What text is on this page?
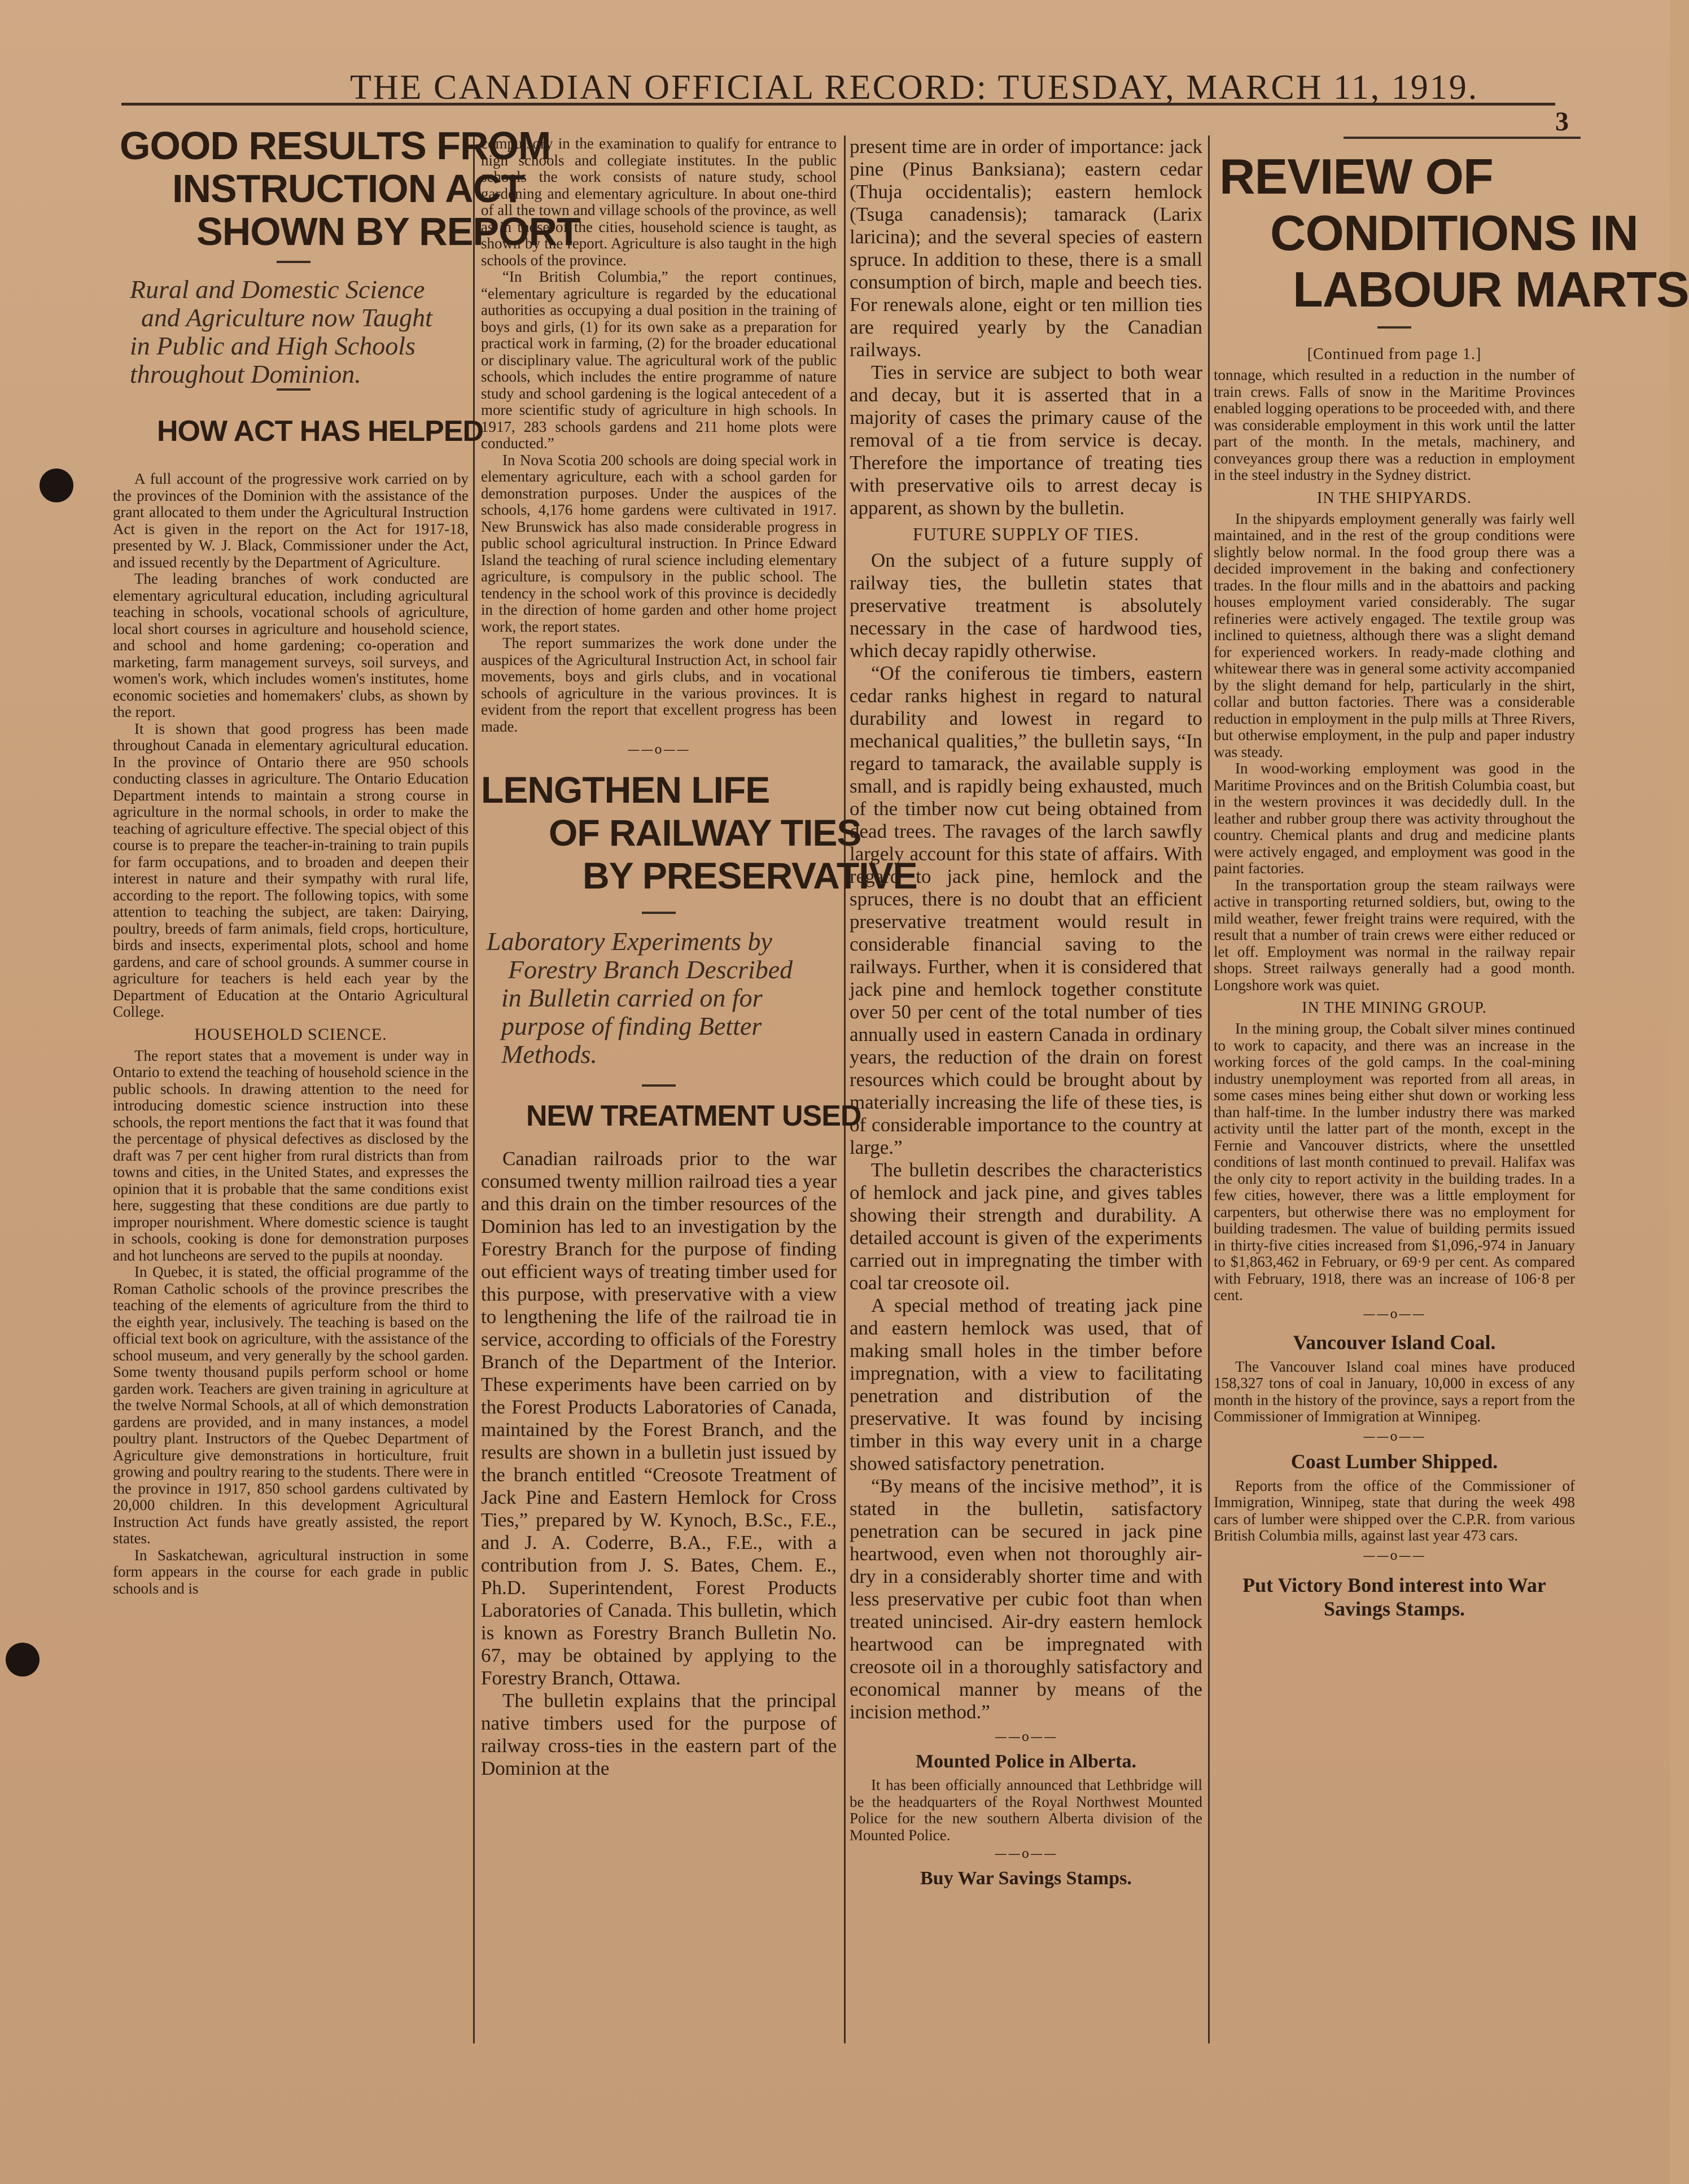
THE CANADIAN OFFICIAL RECORD: TUESDAY, MARCH 11, 1919.
3
GOOD RESULTS FROM
INSTRUCTION ACT
SHOWN BY REPORT
Rural and Domestic Science
and Agriculture now Taught
in Public and High Schools
throughout Dominion.
HOW ACT HAS HELPED

A full account of the progressive work carried on by the provinces of the Dominion with the assistance of the grant allocated to them under the Agricultural Instruction Act is given in the report on the Act for 1917-18, presented by W. J. Black, Commissioner under the Act, and issued recently by the Department of Agriculture.

The leading branches of work conducted are elementary agricultural education, including agricultural teaching in schools, vocational schools of agriculture, local short courses in agriculture and household science, and school and home gardening; co-operation and marketing, farm management surveys, soil surveys, and women's work, which includes women's institutes, home economic societies and homemakers' clubs, as shown by the report.

It is shown that good progress has been made throughout Canada in elementary agricultural education. In the province of Ontario there are 950 schools conducting classes in agriculture. The Ontario Education Department intends to maintain a strong course in agriculture in the normal schools, in order to make the teaching of agriculture effective. The special object of this course is to prepare the teacher-in-training to train pupils for farm occupations, and to broaden and deepen their interest in nature and their sympathy with rural life, according to the report. The following topics, with some attention to teaching the subject, are taken: Dairying, poultry, breeds of farm animals, field crops, horticulture, birds and insects, experimental plots, school and home gardens, and care of school grounds. A summer course in agriculture for teachers is held each year by the Department of Education at the Ontario Agricultural College.

HOUSEHOLD SCIENCE.

The report states that a movement is under way in Ontario to extend the teaching of household science in the public schools. In drawing attention to the need for introducing domestic science instruction into these schools, the report mentions the fact that it was found that the percentage of physical defectives as disclosed by the draft was 7 per cent higher from rural districts than from towns and cities, in the United States, and expresses the opinion that it is probable that the same conditions exist here, suggesting that these conditions are due partly to improper nourishment. Where domestic science is taught in schools, cooking is done for demonstration purposes and hot luncheons are served to the pupils at noonday.

In Quebec, it is stated, the official programme of the Roman Catholic schools of the province prescribes the teaching of the elements of agriculture from the third to the eighth year, inclusively. The teaching is based on the official text book on agriculture, with the assistance of the school museum, and very generally by the school garden. Some twenty thousand pupils perform school or home garden work. Teachers are given training in agriculture at the twelve Normal Schools, at all of which demonstration gardens are provided, and in many instances, a model poultry plant. Instructors of the Quebec Department of Agriculture give demonstrations in horticulture, fruit growing and poultry rearing to the students. There were in the province in 1917, 850 school gardens cultivated by 20,000 children. In this development Agricultural Instruction Act funds have greatly assisted, the report states.

In Saskatchewan, agricultural instruction in some form appears in the course for each grade in public schools and is

compulsory in the examination to qualify for entrance to high schools and collegiate institutes. In the public schools the work consists of nature study, school gardening and elementary agriculture. In about one-third of all the town and village schools of the province, as well as in those of the cities, household science is taught, as shown by the report. Agriculture is also taught in the high schools of the province.

“In British Columbia,” the report continues, “elementary agriculture is regarded by the educational authorities as occupying a dual position in the training of boys and girls, (1) for its own sake as a preparation for practical work in farming, (2) for the broader educational or disciplinary value. The agricultural work of the public schools, which includes the entire programme of nature study and school gardening is the logical antecedent of a more scientific study of agriculture in high schools. In 1917, 283 schools gardens and 211 home plots were conducted.”

In Nova Scotia 200 schools are doing special work in elementary agriculture, each with a school garden for demonstration purposes. Under the auspices of the schools, 4,176 home gardens were cultivated in 1917. New Brunswick has also made considerable progress in public school agricultural instruction. In Prince Edward Island the teaching of rural science including elementary agriculture, is compulsory in the public school. The tendency in the school work of this province is decidedly in the direction of home garden and other home project work, the report states.

The report summarizes the work done under the auspices of the Agricultural Instruction Act, in school fair movements, boys and girls clubs, and in vocational schools of agriculture in the various provinces. It is evident from the report that excellent progress has been made.

——o——
LENGTHEN LIFE
OF RAILWAY TIES
BY PRESERVATIVE
Laboratory Experiments by
Forestry Branch Described
in Bulletin carried on for
purpose of finding Better
Methods.
NEW TREATMENT USED

Canadian railroads prior to the war consumed twenty million railroad ties a year and this drain on the timber resources of the Dominion has led to an investigation by the Forestry Branch for the purpose of finding out efficient ways of treating timber used for this purpose, with preservative with a view to lengthening the life of the railroad tie in service, according to officials of the Forestry Branch of the Department of the Interior. These experiments have been carried on by the Forest Products Laboratories of Canada, maintained by the Forest Branch, and the results are shown in a bulletin just issued by the branch entitled “Creosote Treatment of Jack Pine and Eastern Hemlock for Cross Ties,” prepared by W. Kynoch, B.Sc., F.E., and J. A. Coderre, B.A., F.E., with a contribution from J. S. Bates, Chem. E., Ph.D. Superintendent, Forest Products Laboratories of Canada. This bulletin, which is known as Forestry Branch Bulletin No. 67, may be obtained by applying to the Forestry Branch, Ottawa.

The bulletin explains that the principal native timbers used for the purpose of railway cross-ties in the eastern part of the Dominion at the

present time are in order of importance: jack pine (Pinus Banksiana); eastern cedar (Thuja occidentalis); eastern hemlock (Tsuga canadensis); tamarack (Larix laricina); and the several species of eastern spruce. In addition to these, there is a small consumption of birch, maple and beech ties. For renewals alone, eight or ten million ties are required yearly by the Canadian railways.

Ties in service are subject to both wear and decay, but it is asserted that in a majority of cases the primary cause of the removal of a tie from service is decay. Therefore the importance of treating ties with preservative oils to arrest decay is apparent, as shown by the bulletin.

FUTURE SUPPLY OF TIES.

On the subject of a future supply of railway ties, the bulletin states that preservative treatment is absolutely necessary in the case of hardwood ties, which decay rapidly otherwise.

“Of the coniferous tie timbers, eastern cedar ranks highest in regard to natural durability and lowest in regard to mechanical qualities,” the bulletin says, “In regard to tamarack, the available supply is small, and is rapidly being exhausted, much of the timber now cut being obtained from dead trees. The ravages of the larch sawfly largely account for this state of affairs. With regard to jack pine, hemlock and the spruces, there is no doubt that an efficient preservative treatment would result in considerable financial saving to the railways. Further, when it is considered that jack pine and hemlock together constitute over 50 per cent of the total number of ties annually used in eastern Canada in ordinary years, the reduction of the drain on forest resources which could be brought about by materially increasing the life of these ties, is of considerable importance to the country at large.”

The bulletin describes the characteristics of hemlock and jack pine, and gives tables showing their strength and durability. A detailed account is given of the experiments carried out in impregnating the timber with coal tar creosote oil.

A special method of treating jack pine and eastern hemlock was used, that of making small holes in the timber before impregnation, with a view to facilitating penetration and distribution of the preservative. It was found by incising timber in this way every unit in a charge showed satisfactory penetration.

“By means of the incisive method”, it is stated in the bulletin, satisfactory penetration can be secured in jack pine heartwood, even when not thoroughly air-dry in a considerably shorter time and with less preservative per cubic foot than when treated unincised. Air-dry eastern hemlock heartwood can be impregnated with creosote oil in a thoroughly satisfactory and economical manner by means of the incision method.”

——o——
Mounted Police in Alberta.

It has been officially announced that Lethbridge will be the headquarters of the Royal Northwest Mounted Police for the new southern Alberta division of the Mounted Police.

——o——
Buy War Savings Stamps.
REVIEW OF
CONDITIONS IN
LABOUR MARTS
[Continued from page 1.]

tonnage, which resulted in a reduction in the number of train crews. Falls of snow in the Maritime Provinces enabled logging operations to be proceeded with, and there was considerable employment in this work until the latter part of the month. In the metals, machinery, and conveyances group there was a reduction in employment in the steel industry in the Sydney district.

IN THE SHIPYARDS.

In the shipyards employment generally was fairly well maintained, and in the rest of the group conditions were slightly below normal. In the food group there was a decided improvement in the baking and confectionery trades. In the flour mills and in the abattoirs and packing houses employment varied considerably. The sugar refineries were actively engaged. The textile group was inclined to quietness, although there was a slight demand for experienced workers. In ready-made clothing and whitewear there was in general some activity accompanied by the slight demand for help, particularly in the shirt, collar and button factories. There was a considerable reduction in employment in the pulp mills at Three Rivers, but otherwise employment, in the pulp and paper industry was steady.

In wood-working employment was good in the Maritime Provinces and on the British Columbia coast, but in the western provinces it was decidedly dull. In the leather and rubber group there was activity throughout the country. Chemical plants and drug and medicine plants were actively engaged, and employment was good in the paint factories.

In the transportation group the steam railways were active in transporting returned soldiers, but, owing to the mild weather, fewer freight trains were required, with the result that a number of train crews were either reduced or let off. Employment was normal in the railway repair shops. Street railways generally had a good month. Longshore work was quiet.

IN THE MINING GROUP.

In the mining group, the Cobalt silver mines continued to work to capacity, and there was an increase in the working forces of the gold camps. In the coal-mining industry unemployment was reported from all areas, in some cases mines being either shut down or working less than half-time. In the lumber industry there was marked activity until the latter part of the month, except in the Fernie and Vancouver districts, where the unsettled conditions of last month continued to prevail. Halifax was the only city to report activity in the building trades. In a few cities, however, there was a little employment for carpenters, but otherwise there was no employment for building tradesmen. The value of building permits issued in thirty-five cities increased from $1,096,-974 in January to $1,863,462 in February, or 69·9 per cent. As compared with February, 1918, there was an increase of 106·8 per cent.

——o——
Vancouver Island Coal.

The Vancouver Island coal mines have produced 158,327 tons of coal in January, 10,000 in excess of any month in the history of the province, says a report from the Commissioner of Immigration at Winnipeg.

——o——
Coast Lumber Shipped.

Reports from the office of the Commissioner of Immigration, Winnipeg, state that during the week 498 cars of lumber were shipped over the C.P.R. from various British Columbia mills, against last year 473 cars.

——o——
Put Victory Bond interest into War Savings Stamps.
